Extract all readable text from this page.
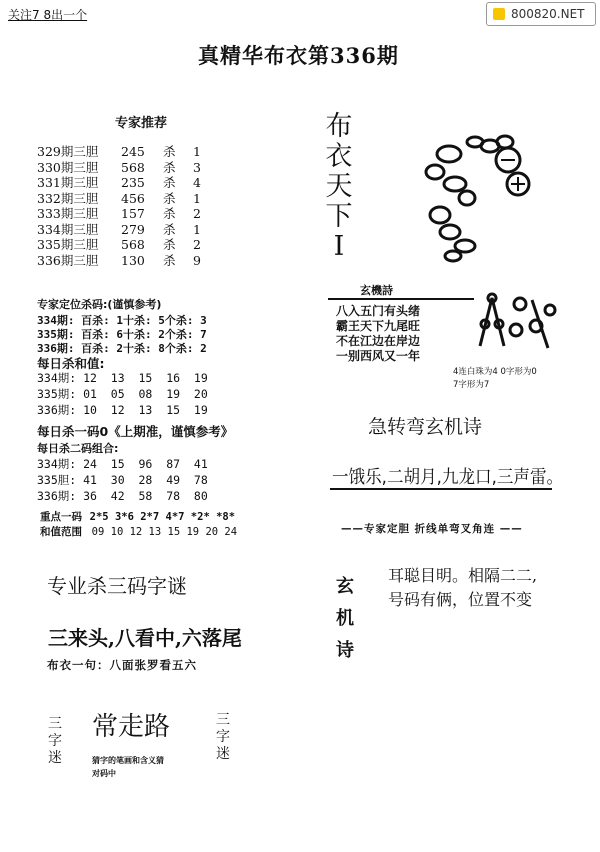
关注7 8出一个	800820.NET
真精华布衣第336期
专家推荐
329期三胆 245 杀 1
330期三胆 568 杀 3
331期三胆 235 杀 4
332期三胆 456 杀 1
333期三胆 157 杀 2
334期三胆 279 杀 1
335期三胆 568 杀 2
336期三胆 130 杀 9
专家定位杀码:(谨慎参考)
334期: 百杀: 1十杀: 5个杀: 3
335期: 百杀: 6十杀: 2个杀: 7
336期: 百杀: 2十杀: 8个杀: 2
每日杀和值:
334期: 12  13  15  16  19
335期: 01  05  08  19  20
336期: 10  12  13  15  19
每日杀一码0《上期准，谨慎参考》
每日杀二码组合:
334期: 24  15  96  87  41
335胆: 41  30  28  49  78
336期: 36  42  58  78  80
重点一码 2*5 3*6 2*7 4*7 *2* *8*
和值范围 09 10 12 13 15 19 20 24
专业杀三码字谜
三来头,八看中,六落尾
布衣一句：八面张罗看五六
三字迷
常走路	三字迷
猜字的笔画和含义猜
对码中
布衣天下I
玄機詩
八入五门有头绪
霸王天下九尾旺
不在江边在岸边
一别西风又一年
4连白珠为4 0字形为0
7字形为7
急转弯玄机诗
一饿乐,二胡月,九龙口,三声雷。
——专家定胆 折线单弯叉角连 ——
玄
机
诗
耳聪目明。相隔二二,
号码有俩，位置不变
